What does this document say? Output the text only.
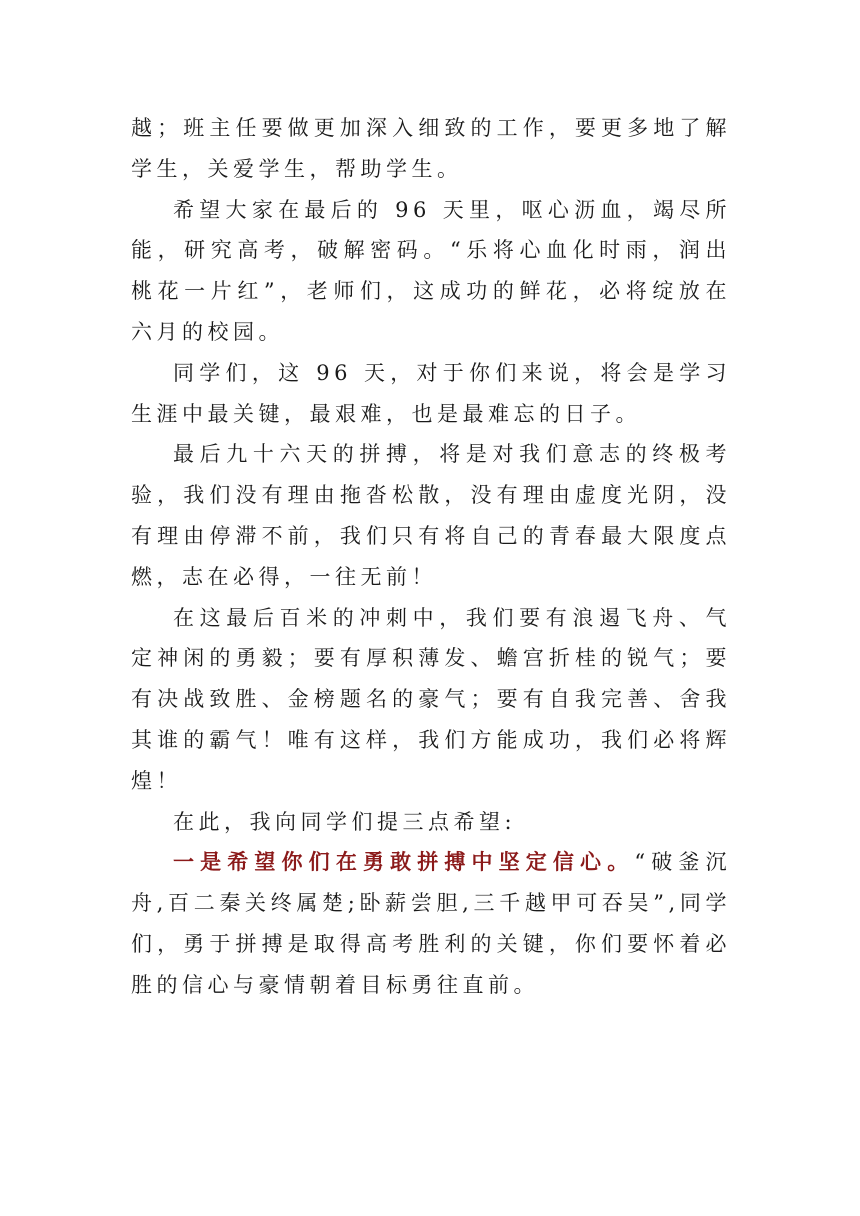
越；班主任要做更加深入细致的工作，要更多地了解学生，关爱学生，帮助学生。

希望大家在最后的 96 天里，呕心沥血，竭尽所能，研究高考，破解密码。“乐将心血化时雨，润出桃花一片红”，老师们，这成功的鲜花，必将绽放在六月的校园。

同学们，这 96 天，对于你们来说，将会是学习生涯中最关键，最艰难，也是最难忘的日子。

最后九十六天的拼搏，将是对我们意志的终极考验，我们没有理由拖沓松散，没有理由虚度光阴，没有理由停滞不前，我们只有将自己的青春最大限度点燃，志在必得，一往无前！

在这最后百米的冲刺中，我们要有浪遏飞舟、气定神闲的勇毅；要有厚积薄发、蟾宫折桂的锐气；要有决战致胜、金榜题名的豪气；要有自我完善、舍我其谁的霸气！唯有这样，我们方能成功，我们必将辉煌！

在此，我向同学们提三点希望:

一是希望你们在勇敢拼搏中坚定信心。“破釜沉舟,百二秦关终属楚;卧薪尝胆,三千越甲可吞吴”,同学们，勇于拼搏是取得高考胜利的关键，你们要怀着必胜的信心与豪情朝着目标勇往直前。
